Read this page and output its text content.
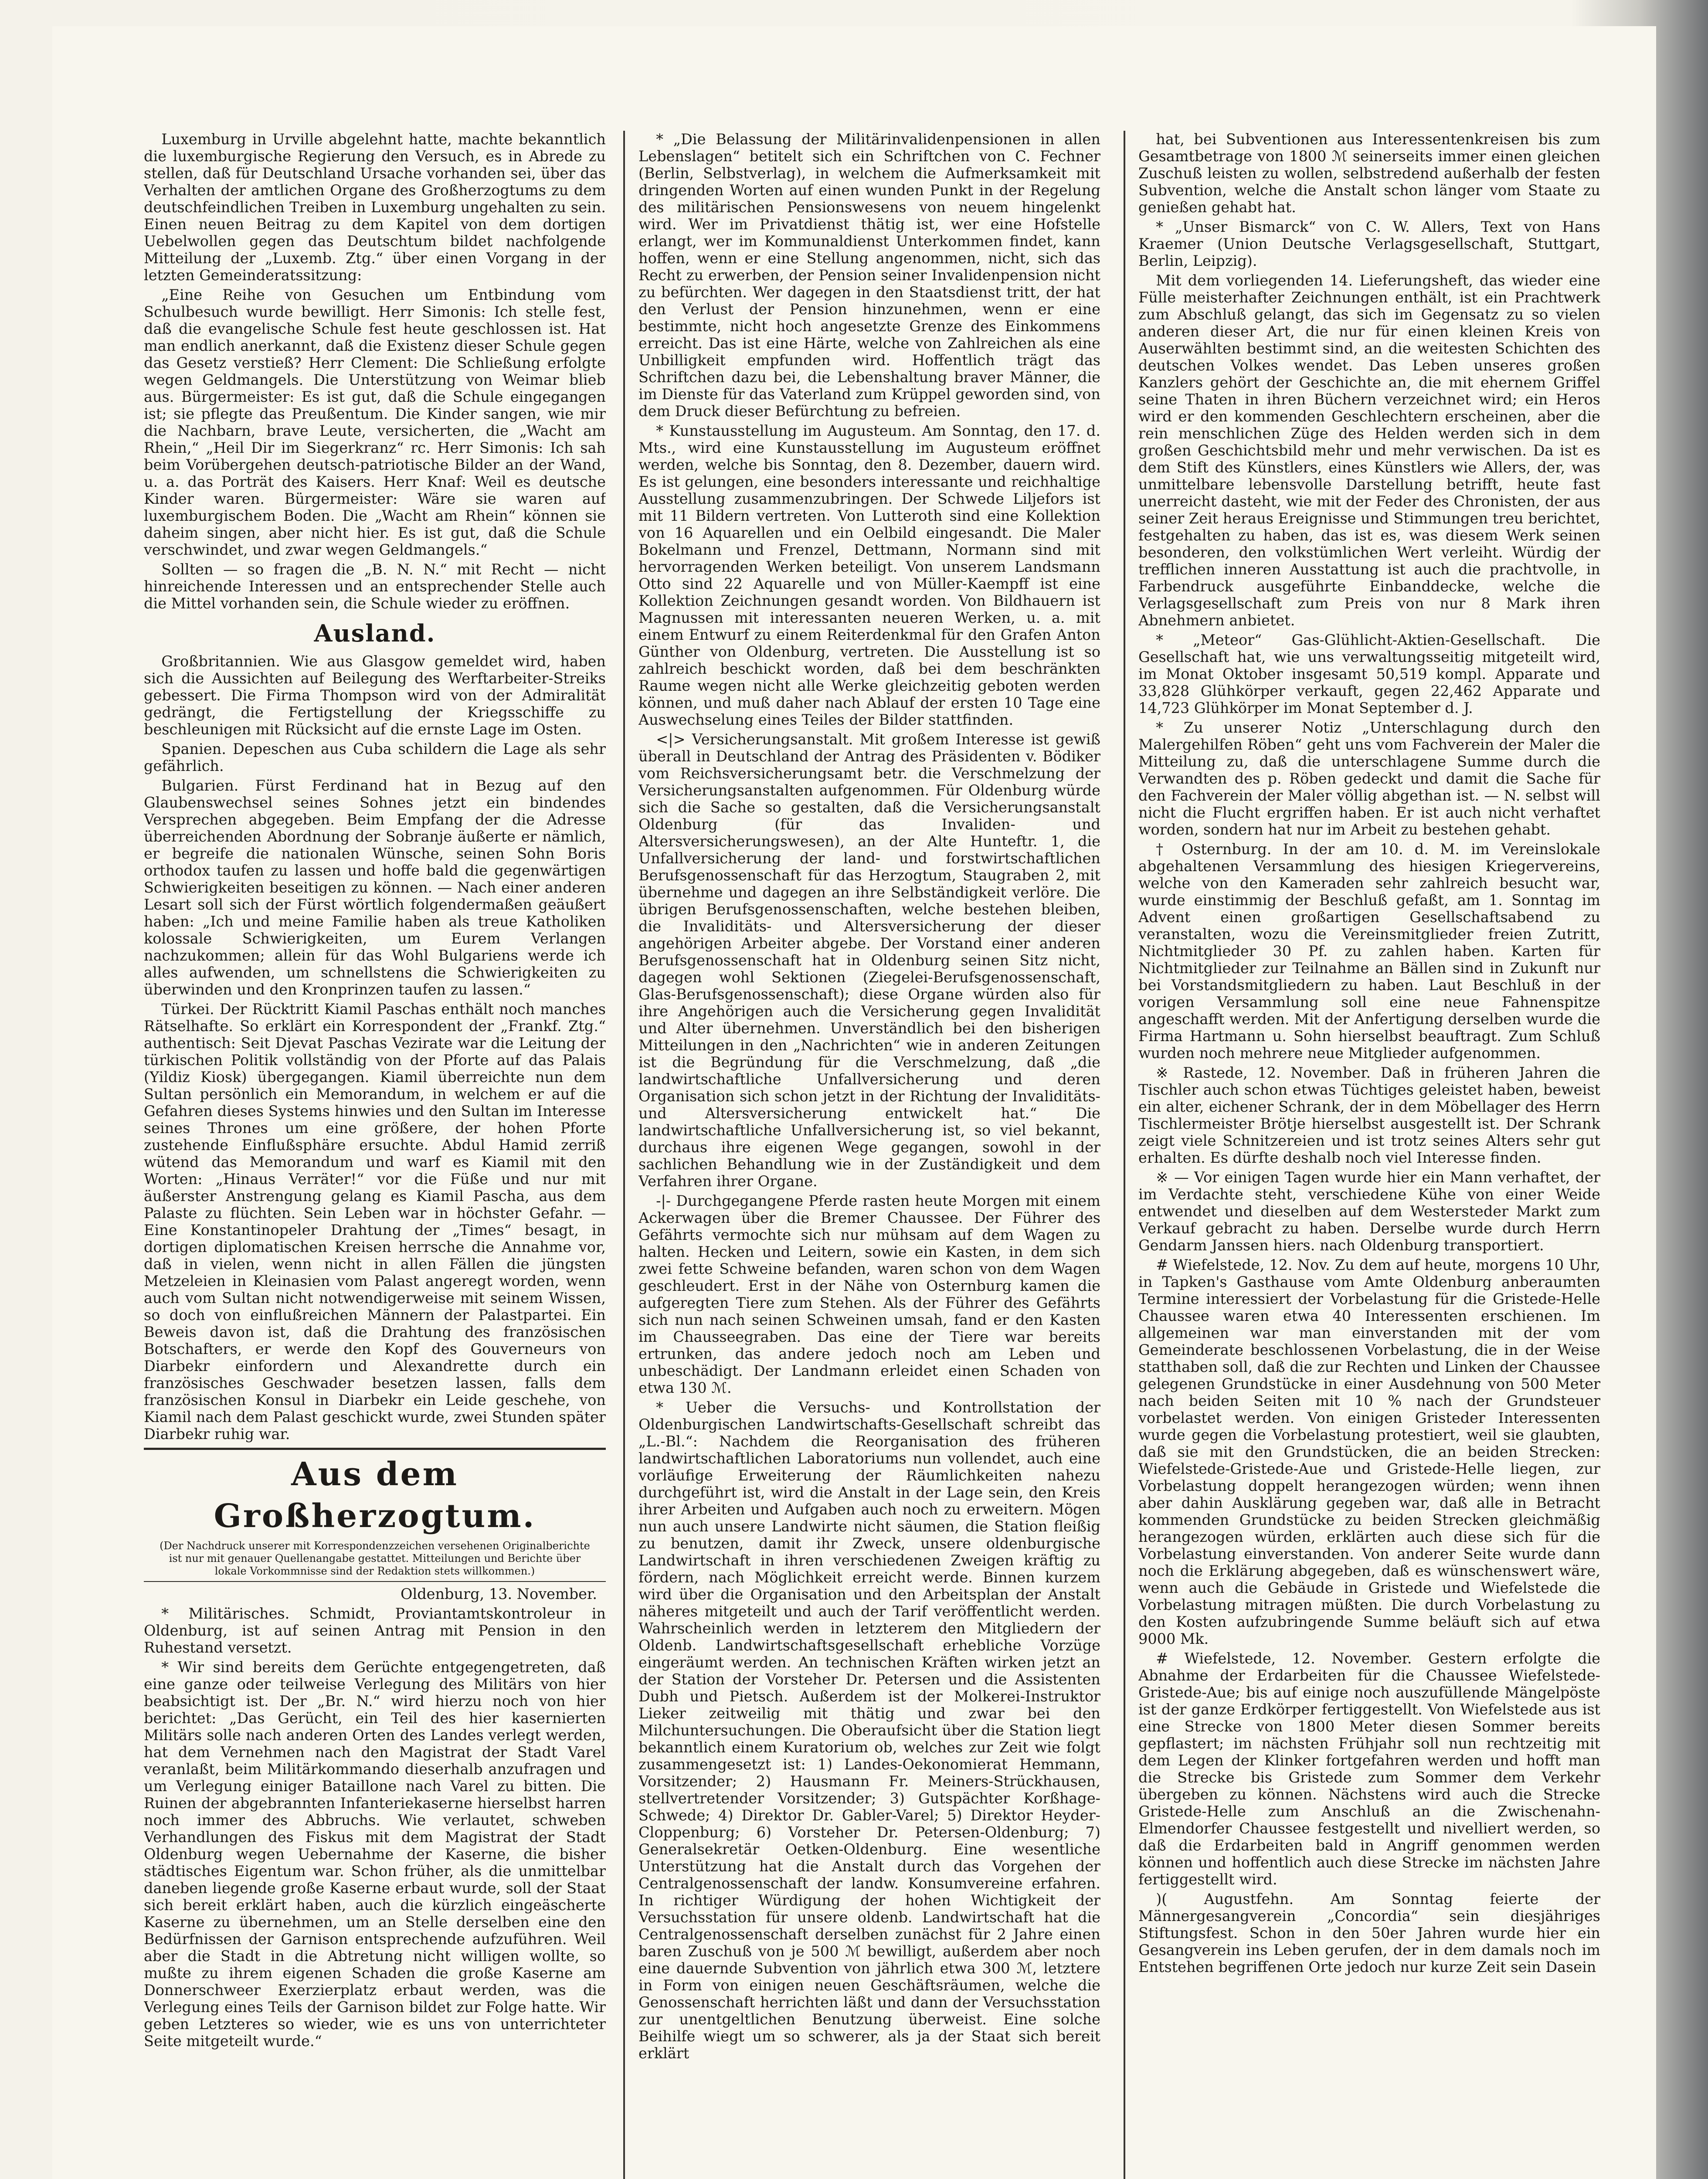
Luxemburg in Urville abgelehnt hatte, machte bekanntlich die luxemburgische Regierung den Versuch, es in Abrede zu stellen, daß für Deutschland Ursache vorhanden sei, über das Verhalten der amtlichen Organe des Großherzogtums zu dem deutschfeindlichen Treiben in Luxemburg ungehalten zu sein. Einen neuen Beitrag zu dem Kapitel von dem dortigen Uebelwollen gegen das Deutschtum bildet nachfolgende Mitteilung der „Luxemb. Ztg.“ über einen Vorgang in der letzten Gemeinderatssitzung:

„Eine Reihe von Gesuchen um Entbindung vom Schulbesuch wurde bewilligt. Herr Simonis: Ich stelle fest, daß die evangelische Schule fest heute geschlossen ist. Hat man endlich anerkannt, daß die Existenz dieser Schule gegen das Gesetz verstieß? Herr Clement: Die Schließung erfolgte wegen Geldmangels. Die Unterstützung von Weimar blieb aus. Bürgermeister: Es ist gut, daß die Schule eingegangen ist; sie pflegte das Preußentum. Die Kinder sangen, wie mir die Nachbarn, brave Leute, versicherten, die „Wacht am Rhein,“ „Heil Dir im Siegerkranz“ rc. Herr Simonis: Ich sah beim Vorübergehen deutsch-patriotische Bilder an der Wand, u. a. das Porträt des Kaisers. Herr Knaf: Weil es deutsche Kinder waren. Bürgermeister: Wäre sie waren auf luxemburgischem Boden. Die „Wacht am Rhein“ können sie daheim singen, aber nicht hier. Es ist gut, daß die Schule verschwindet, und zwar wegen Geldmangels.“

Sollten — so fragen die „B. N. N.“ mit Recht — nicht hinreichende Interessen und an entsprechender Stelle auch die Mittel vorhanden sein, die Schule wieder zu eröffnen.

Ausland.

Großbritannien. Wie aus Glasgow gemeldet wird, haben sich die Aussichten auf Beilegung des Werftarbeiter-Streiks gebessert. Die Firma Thompson wird von der Admiralität gedrängt, die Fertigstellung der Kriegsschiffe zu beschleunigen mit Rücksicht auf die ernste Lage im Osten.

Spanien. Depeschen aus Cuba schildern die Lage als sehr gefährlich.

Bulgarien. Fürst Ferdinand hat in Bezug auf den Glaubenswechsel seines Sohnes jetzt ein bindendes Versprechen abgegeben. Beim Empfang der die Adresse überreichenden Abordnung der Sobranje äußerte er nämlich, er begreife die nationalen Wünsche, seinen Sohn Boris orthodox taufen zu lassen und hoffe bald die gegenwärtigen Schwierigkeiten beseitigen zu können. — Nach einer anderen Lesart soll sich der Fürst wörtlich folgendermaßen geäußert haben: „Ich und meine Familie haben als treue Katholiken kolossale Schwierigkeiten, um Eurem Verlangen nachzukommen; allein für das Wohl Bulgariens werde ich alles aufwenden, um schnellstens die Schwierigkeiten zu überwinden und den Kronprinzen taufen zu lassen.“

Türkei. Der Rücktritt Kiamil Paschas enthält noch manches Rätselhafte. So erklärt ein Korrespondent der „Frankf. Ztg.“ authentisch: Seit Djevat Paschas Vezirate war die Leitung der türkischen Politik vollständig von der Pforte auf das Palais (Yildiz Kiosk) übergegangen. Kiamil überreichte nun dem Sultan persönlich ein Memorandum, in welchem er auf die Gefahren dieses Systems hinwies und den Sultan im Interesse seines Thrones um eine größere, der hohen Pforte zustehende Einflußsphäre ersuchte. Abdul Hamid zerriß wütend das Memorandum und warf es Kiamil mit den Worten: „Hinaus Verräter!“ vor die Füße und nur mit äußerster Anstrengung gelang es Kiamil Pascha, aus dem Palaste zu flüchten. Sein Leben war in höchster Gefahr. — Eine Konstantinopeler Drahtung der „Times“ besagt, in dortigen diplomatischen Kreisen herrsche die Annahme vor, daß in vielen, wenn nicht in allen Fällen die jüngsten Metzeleien in Kleinasien vom Palast angeregt worden, wenn auch vom Sultan nicht notwendigerweise mit seinem Wissen, so doch von einflußreichen Männern der Palastpartei. Ein Beweis davon ist, daß die Drahtung des französischen Botschafters, er werde den Kopf des Gouverneurs von Diarbekr einfordern und Alexandrette durch ein französisches Geschwader besetzen lassen, falls dem französischen Konsul in Diarbekr ein Leide geschehe, von Kiamil nach dem Palast geschickt wurde, zwei Stunden später Diarbekr ruhig war.

Aus dem Großherzogtum.
(Der Nachdruck unserer mit Korrespondenzzeichen versehenen Originalberichte ist nur mit genauer Quellenangabe gestattet. Mitteilungen und Berichte über lokale Vorkommnisse sind der Redaktion stets willkommen.)
Oldenburg, 13. November.

* Militärisches. Schmidt, Proviantamtskontroleur in Oldenburg, ist auf seinen Antrag mit Pension in den Ruhestand versetzt.

* Wir sind bereits dem Gerüchte entgegengetreten, daß eine ganze oder teilweise Verlegung des Militärs von hier beabsichtigt ist. Der „Br. N.“ wird hierzu noch von hier berichtet: „Das Gerücht, ein Teil des hier kasernierten Militärs solle nach anderen Orten des Landes verlegt werden, hat dem Vernehmen nach den Magistrat der Stadt Varel veranlaßt, beim Militärkommando dieserhalb anzufragen und um Verlegung einiger Bataillone nach Varel zu bitten. Die Ruinen der abgebrannten Infanteriekaserne hierselbst harren noch immer des Abbruchs. Wie verlautet, schweben Verhandlungen des Fiskus mit dem Magistrat der Stadt Oldenburg wegen Uebernahme der Kaserne, die bisher städtisches Eigentum war. Schon früher, als die unmittelbar daneben liegende große Kaserne erbaut wurde, soll der Staat sich bereit erklärt haben, auch die kürzlich eingeäscherte Kaserne zu übernehmen, um an Stelle derselben eine den Bedürfnissen der Garnison entsprechende aufzuführen. Weil aber die Stadt in die Abtretung nicht willigen wollte, so mußte zu ihrem eigenen Schaden die große Kaserne am Donnerschweer Exerzierplatz erbaut werden, was die Verlegung eines Teils der Garnison bildet zur Folge hatte. Wir geben Letzteres so wieder, wie es uns von unterrichteter Seite mitgeteilt wurde.“

* „Die Belassung der Militärinvalidenpensionen in allen Lebenslagen“ betitelt sich ein Schriftchen von C. Fechner (Berlin, Selbstverlag), in welchem die Aufmerksamkeit mit dringenden Worten auf einen wunden Punkt in der Regelung des militärischen Pensionswesens von neuem hingelenkt wird. Wer im Privatdienst thätig ist, wer eine Hofstelle erlangt, wer im Kommunaldienst Unterkommen findet, kann hoffen, wenn er eine Stellung angenommen, nicht, sich das Recht zu erwerben, der Pension seiner Invalidenpension nicht zu befürchten. Wer dagegen in den Staatsdienst tritt, der hat den Verlust der Pension hinzunehmen, wenn er eine bestimmte, nicht hoch angesetzte Grenze des Einkommens erreicht. Das ist eine Härte, welche von Zahlreichen als eine Unbilligkeit empfunden wird. Hoffentlich trägt das Schriftchen dazu bei, die Lebenshaltung braver Männer, die im Dienste für das Vaterland zum Krüppel geworden sind, von dem Druck dieser Befürchtung zu befreien.

* Kunstausstellung im Augusteum. Am Sonntag, den 17. d. Mts., wird eine Kunstausstellung im Augusteum eröffnet werden, welche bis Sonntag, den 8. Dezember, dauern wird. Es ist gelungen, eine besonders interessante und reichhaltige Ausstellung zusammenzubringen. Der Schwede Liljefors ist mit 11 Bildern vertreten. Von Lutteroth sind eine Kollektion von 16 Aquarellen und ein Oelbild eingesandt. Die Maler Bokelmann und Frenzel, Dettmann, Normann sind mit hervorragenden Werken beteiligt. Von unserem Landsmann Otto sind 22 Aquarelle und von Müller-Kaempff ist eine Kollektion Zeichnungen gesandt worden. Von Bildhauern ist Magnussen mit interessanten neueren Werken, u. a. mit einem Entwurf zu einem Reiterdenkmal für den Grafen Anton Günther von Oldenburg, vertreten. Die Ausstellung ist so zahlreich beschickt worden, daß bei dem beschränkten Raume wegen nicht alle Werke gleichzeitig geboten werden können, und muß daher nach Ablauf der ersten 10 Tage eine Auswechselung eines Teiles der Bilder stattfinden.

<|> Versicherungsanstalt. Mit großem Interesse ist gewiß überall in Deutschland der Antrag des Präsidenten v. Bödiker vom Reichsversicherungsamt betr. die Verschmelzung der Versicherungsanstalten aufgenommen. Für Oldenburg würde sich die Sache so gestalten, daß die Versicherungsanstalt Oldenburg (für das Invaliden- und Altersversicherungswesen), an der Alte Hunteftr. 1, die Unfallversicherung der land- und forstwirtschaftlichen Berufsgenossenschaft für das Herzogtum, Staugraben 2, mit übernehme und dagegen an ihre Selbständigkeit verlöre. Die übrigen Berufsgenossenschaften, welche bestehen bleiben, die Invaliditäts- und Altersversicherung der dieser angehörigen Arbeiter abgebe. Der Vorstand einer anderen Berufsgenossenschaft hat in Oldenburg seinen Sitz nicht, dagegen wohl Sektionen (Ziegelei-Berufsgenossenschaft, Glas-Berufsgenossenschaft); diese Organe würden also für ihre Angehörigen auch die Versicherung gegen Invalidität und Alter übernehmen. Unverständlich bei den bisherigen Mitteilungen in den „Nachrichten“ wie in anderen Zeitungen ist die Begründung für die Verschmelzung, daß „die landwirtschaftliche Unfallversicherung und deren Organisation sich schon jetzt in der Richtung der Invaliditäts- und Altersversicherung entwickelt hat.“ Die landwirtschaftliche Unfallversicherung ist, so viel bekannt, durchaus ihre eigenen Wege gegangen, sowohl in der sachlichen Behandlung wie in der Zuständigkeit und dem Verfahren ihrer Organe.

-|- Durchgegangene Pferde rasten heute Morgen mit einem Ackerwagen über die Bremer Chaussee. Der Führer des Gefährts vermochte sich nur mühsam auf dem Wagen zu halten. Hecken und Leitern, sowie ein Kasten, in dem sich zwei fette Schweine befanden, waren schon von dem Wagen geschleudert. Erst in der Nähe von Osternburg kamen die aufgeregten Tiere zum Stehen. Als der Führer des Gefährts sich nun nach seinen Schweinen umsah, fand er den Kasten im Chausseegraben. Das eine der Tiere war bereits ertrunken, das andere jedoch noch am Leben und unbeschädigt. Der Landmann erleidet einen Schaden von etwa 130 ℳ.

* Ueber die Versuchs- und Kontrollstation der Oldenburgischen Landwirtschafts-Gesellschaft schreibt das „L.-Bl.“: Nachdem die Reorganisation des früheren landwirtschaftlichen Laboratoriums nun vollendet, auch eine vorläufige Erweiterung der Räumlichkeiten nahezu durchgeführt ist, wird die Anstalt in der Lage sein, den Kreis ihrer Arbeiten und Aufgaben auch noch zu erweitern. Mögen nun auch unsere Landwirte nicht säumen, die Station fleißig zu benutzen, damit ihr Zweck, unsere oldenburgische Landwirtschaft in ihren verschiedenen Zweigen kräftig zu fördern, nach Möglichkeit erreicht werde. Binnen kurzem wird über die Organisation und den Arbeitsplan der Anstalt näheres mitgeteilt und auch der Tarif veröffentlicht werden. Wahrscheinlich werden in letzterem den Mitgliedern der Oldenb. Landwirtschaftsgesellschaft erhebliche Vorzüge eingeräumt werden. An technischen Kräften wirken jetzt an der Station der Vorsteher Dr. Petersen und die Assistenten Dubh und Pietsch. Außerdem ist der Molkerei-Instruktor Lieker zeitweilig mit thätig und zwar bei den Milchuntersuchungen. Die Oberaufsicht über die Station liegt bekanntlich einem Kuratorium ob, welches zur Zeit wie folgt zusammengesetzt ist: 1) Landes-Oekonomierat Hemmann, Vorsitzender; 2) Hausmann Fr. Meiners-Strückhausen, stellvertretender Vorsitzender; 3) Gutspächter Korßhage-Schwede; 4) Direktor Dr. Gabler-Varel; 5) Direktor Heyder-Cloppenburg; 6) Vorsteher Dr. Petersen-Oldenburg; 7) Generalsekretär Oetken-Oldenburg. Eine wesentliche Unterstützung hat die Anstalt durch das Vorgehen der Centralgenossenschaft der landw. Konsumvereine erfahren. In richtiger Würdigung der hohen Wichtigkeit der Versuchsstation für unsere oldenb. Landwirtschaft hat die Centralgenossenschaft derselben zunächst für 2 Jahre einen baren Zuschuß von je 500 ℳ bewilligt, außerdem aber noch eine dauernde Subvention von jährlich etwa 300 ℳ, letztere in Form von einigen neuen Geschäftsräumen, welche die Genossenschaft herrichten läßt und dann der Versuchsstation zur unentgeltlichen Benutzung überweist. Eine solche Beihilfe wiegt um so schwerer, als ja der Staat sich bereit erklärt

hat, bei Subventionen aus Interessentenkreisen bis zum Gesamtbetrage von 1800 ℳ seinerseits immer einen gleichen Zuschuß leisten zu wollen, selbstredend außerhalb der festen Subvention, welche die Anstalt schon länger vom Staate zu genießen gehabt hat.

* „Unser Bismarck“ von C. W. Allers, Text von Hans Kraemer (Union Deutsche Verlagsgesellschaft, Stuttgart, Berlin, Leipzig).

Mit dem vorliegenden 14. Lieferungsheft, das wieder eine Fülle meisterhafter Zeichnungen enthält, ist ein Prachtwerk zum Abschluß gelangt, das sich im Gegensatz zu so vielen anderen dieser Art, die nur für einen kleinen Kreis von Auserwählten bestimmt sind, an die weitesten Schichten des deutschen Volkes wendet. Das Leben unseres großen Kanzlers gehört der Geschichte an, die mit ehernem Griffel seine Thaten in ihren Büchern verzeichnet wird; ein Heros wird er den kommenden Geschlechtern erscheinen, aber die rein menschlichen Züge des Helden werden sich in dem großen Geschichtsbild mehr und mehr verwischen. Da ist es dem Stift des Künstlers, eines Künstlers wie Allers, der, was unmittelbare lebensvolle Darstellung betrifft, heute fast unerreicht dasteht, wie mit der Feder des Chronisten, der aus seiner Zeit heraus Ereignisse und Stimmungen treu berichtet, festgehalten zu haben, das ist es, was diesem Werk seinen besonderen, den volkstümlichen Wert verleiht. Würdig der trefflichen inneren Ausstattung ist auch die prachtvolle, in Farbendruck ausgeführte Einbanddecke, welche die Verlagsgesellschaft zum Preis von nur 8 Mark ihren Abnehmern anbietet.

* „Meteor“ Gas-Glühlicht-Aktien-Gesellschaft. Die Gesellschaft hat, wie uns verwaltungsseitig mitgeteilt wird, im Monat Oktober insgesamt 50,519 kompl. Apparate und 33,828 Glühkörper verkauft, gegen 22,462 Apparate und 14,723 Glühkörper im Monat September d. J.

* Zu unserer Notiz „Unterschlagung durch den Malergehilfen Röben“ geht uns vom Fachverein der Maler die Mitteilung zu, daß die unterschlagene Summe durch die Verwandten des p. Röben gedeckt und damit die Sache für den Fachverein der Maler völlig abgethan ist. — N. selbst will nicht die Flucht ergriffen haben. Er ist auch nicht verhaftet worden, sondern hat nur im Arbeit zu bestehen gehabt.

† Osternburg. In der am 10. d. M. im Vereinslokale abgehaltenen Versammlung des hiesigen Kriegervereins, welche von den Kameraden sehr zahlreich besucht war, wurde einstimmig der Beschluß gefaßt, am 1. Sonntag im Advent einen großartigen Gesellschaftsabend zu veranstalten, wozu die Vereinsmitglieder freien Zutritt, Nichtmitglieder 30 Pf. zu zahlen haben. Karten für Nichtmitglieder zur Teilnahme an Bällen sind in Zukunft nur bei Vorstandsmitgliedern zu haben. Laut Beschluß in der vorigen Versammlung soll eine neue Fahnenspitze angeschafft werden. Mit der Anfertigung derselben wurde die Firma Hartmann u. Sohn hierselbst beauftragt. Zum Schluß wurden noch mehrere neue Mitglieder aufgenommen.

※ Rastede, 12. November. Daß in früheren Jahren die Tischler auch schon etwas Tüchtiges geleistet haben, beweist ein alter, eichener Schrank, der in dem Möbellager des Herrn Tischlermeister Brötje hierselbst ausgestellt ist. Der Schrank zeigt viele Schnitzereien und ist trotz seines Alters sehr gut erhalten. Es dürfte deshalb noch viel Interesse finden.

※ — Vor einigen Tagen wurde hier ein Mann verhaftet, der im Verdachte steht, verschiedene Kühe von einer Weide entwendet und dieselben auf dem Westersteder Markt zum Verkauf gebracht zu haben. Derselbe wurde durch Herrn Gendarm Janssen hiers. nach Oldenburg transportiert.

# Wiefelstede, 12. Nov. Zu dem auf heute, morgens 10 Uhr, in Tapken's Gasthause vom Amte Oldenburg anberaumten Termine interessiert der Vorbelastung für die Gristede-Helle Chaussee waren etwa 40 Interessenten erschienen. Im allgemeinen war man einverstanden mit der vom Gemeinderate beschlossenen Vorbelastung, die in der Weise statthaben soll, daß die zur Rechten und Linken der Chaussee gelegenen Grundstücke in einer Ausdehnung von 500 Meter nach beiden Seiten mit 10 % nach der Grundsteuer vorbelastet werden. Von einigen Gristeder Interessenten wurde gegen die Vorbelastung protestiert, weil sie glaubten, daß sie mit den Grundstücken, die an beiden Strecken: Wiefelstede-Gristede-Aue und Gristede-Helle liegen, zur Vorbelastung doppelt herangezogen würden; wenn ihnen aber dahin Ausklärung gegeben war, daß alle in Betracht kommenden Grundstücke zu beiden Strecken gleichmäßig herangezogen würden, erklärten auch diese sich für die Vorbelastung einverstanden. Von anderer Seite wurde dann noch die Erklärung abgegeben, daß es wünschenswert wäre, wenn auch die Gebäude in Gristede und Wiefelstede die Vorbelastung mitragen müßten. Die durch Vorbelastung zu den Kosten aufzubringende Summe beläuft sich auf etwa 9000 Mk.

# Wiefelstede, 12. November. Gestern erfolgte die Abnahme der Erdarbeiten für die Chaussee Wiefelstede-Gristede-Aue; bis auf einige noch auszufüllende Mängelpöste ist der ganze Erdkörper fertiggestellt. Von Wiefelstede aus ist eine Strecke von 1800 Meter diesen Sommer bereits gepflastert; im nächsten Frühjahr soll nun rechtzeitig mit dem Legen der Klinker fortgefahren werden und hofft man die Strecke bis Gristede zum Sommer dem Verkehr übergeben zu können. Nächstens wird auch die Strecke Gristede-Helle zum Anschluß an die Zwischenahn-Elmendorfer Chaussee festgestellt und nivelliert werden, so daß die Erdarbeiten bald in Angriff genommen werden können und hoffentlich auch diese Strecke im nächsten Jahre fertiggestellt wird.

)( Augustfehn. Am Sonntag feierte der Männergesangverein „Concordia“ sein diesjähriges Stiftungsfest. Schon in den 50er Jahren wurde hier ein Gesangverein ins Leben gerufen, der in dem damals noch im Entstehen begriffenen Orte jedoch nur kurze Zeit sein Dasein
